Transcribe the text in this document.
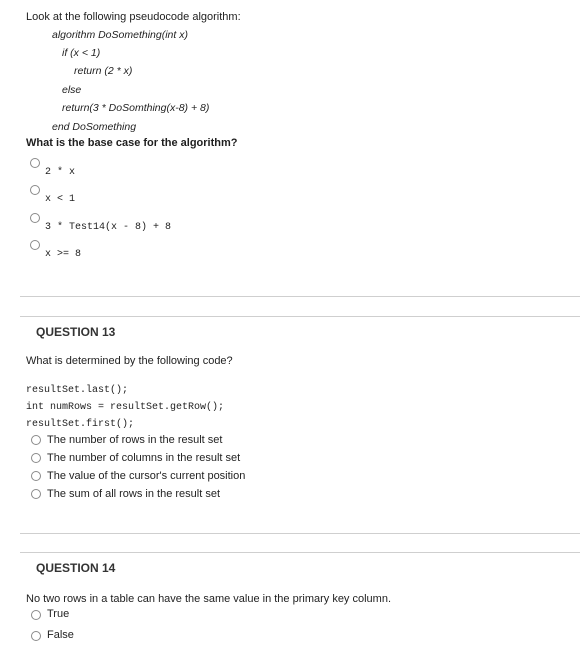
Look at the following pseudocode algorithm:
algorithm DoSomething(int x)
if (x < 1)
return (2 * x)
else
return(3 * DoSomthing(x-8) + 8)
end DoSomething
What is the base case for the algorithm?
2 * x
x < 1
3 * Test14(x - 8) + 8
x >= 8
QUESTION 13
What is determined by the following code?
resultSet.last();
int numRows = resultSet.getRow();
resultSet.first();
The number of rows in the result set
The number of columns in the result set
The value of the cursor's current position
The sum of all rows in the result set
QUESTION 14
No two rows in a table can have the same value in the primary key column.
True
False
